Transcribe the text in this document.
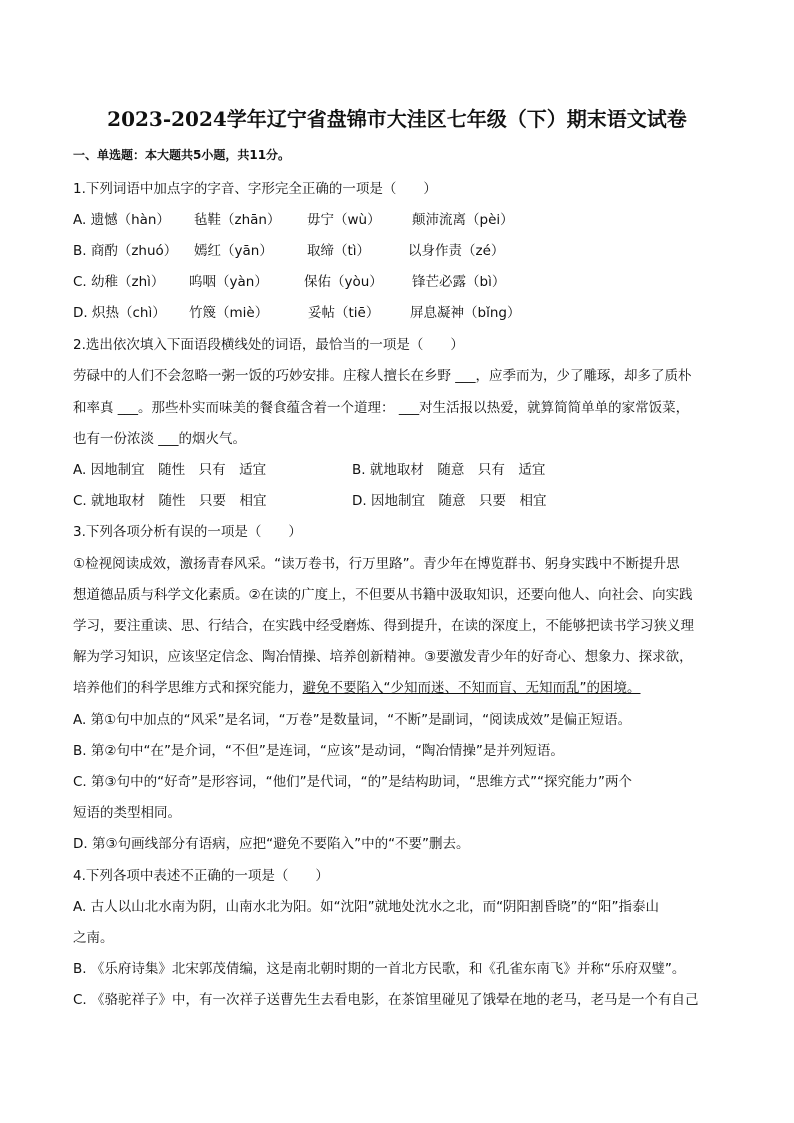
2023-2024学年辽宁省盘锦市大洼区七年级（下）期末语文试卷
一、单选题：本大题共5小题，共11分。
1.下列词语中加点字的字音、字形完全正确的一项是（　　）
A. 遗憾（hàn） 毡鞋（zhān） 毋宁（wù） 颠沛流离（pèi）
B. 商酌（zhuó） 嫣红（yān）	取缔（tì）	以身作责（zé）
C. 幼稚（zhì） 呜咽（yàn）	保佑（yòu） 锋芒必露（bì）
D. 炽热（chì） 竹篾（miè）	妥帖（tiē） 屏息凝神（bǐng）
2.选出依次填入下面语段横线处的词语，最恰当的一项是（　　）
劳碌中的人们不会忽略一粥一饭的巧妙安排。庄稼人擅长在乡野 ___，应季而为，少了雕琢，却多了质朴
和率真 ___。那些朴实而味美的餐食蕴含着一个道理： ___对生活报以热爱，就算简简单单的家常饭菜，
也有一份浓淡 ___的烟火气。
A. 因地制宜　随性　只有　适宜	B. 就地取材　随意　只有　适宜
C. 就地取材　随性　只要　相宜	D. 因地制宜　随意　只要　相宜
3.下列各项分析有误的一项是（　　）
①检视阅读成效，激扬青春风采。“读万卷书，行万里路”。青少年在博览群书、躬身实践中不断提升思
想道德品质与科学文化素质。②在读的广度上，不但要从书籍中汲取知识，还要向他人、向社会、向实践
学习，要注重读、思、行结合，在实践中经受磨炼、得到提升，在读的深度上，不能够把读书学习狭义理
解为学习知识，应该坚定信念、陶冶情操、培养创新精神。③要激发青少年的好奇心、想象力、探求欲，
培养他们的科学思维方式和探究能力，避免不要陷入“少知而迷、不知而盲、无知而乱”的困境。
A. 第①句中加点的“风采”是名词，“万卷”是数量词，“不断”是副词，“阅读成效”是偏正短语。
B. 第②句中“在”是介词，“不但”是连词，“应该”是动词，“陶冶情操”是并列短语。
C. 第③句中的“好奇”是形容词，“他们”是代词，“的”是结构助词，“思维方式”“探究能力”两个
短语的类型相同。
D. 第③句画线部分有语病，应把“避免不要陷入”中的“不要”删去。
4.下列各项中表述不正确的一项是（　　）
A. 古人以山北水南为阴，山南水北为阳。如“沈阳”就地处沈水之北，而“阴阳割昏晓”的“阳”指泰山
之南。
B. 《乐府诗集》北宋郭茂倩编，这是南北朝时期的一首北方民歌，和《孔雀东南飞》并称“乐府双璧”。
C. 《骆驼祥子》中，有一次祥子送曹先生去看电影，在茶馆里碰见了饿晕在地的老马，老马是一个有自己
